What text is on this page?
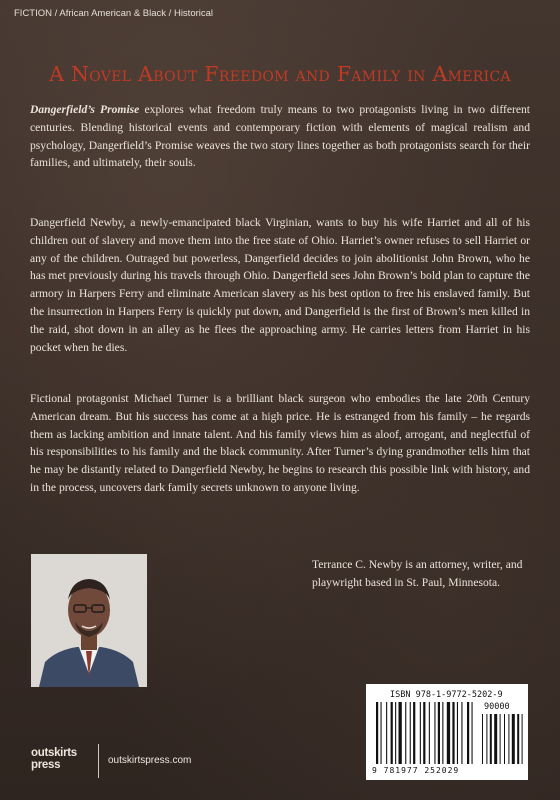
FICTION / African American & Black / Historical
A Novel About Freedom and Family in America
Dangerfield’s Promise explores what freedom truly means to two protagonists living in two different centuries. Blending historical events and contemporary fiction with elements of magical realism and psychology, Dangerfield’s Promise weaves the two story lines together as both protagonists search for their families, and ultimately, their souls.
Dangerfield Newby, a newly-emancipated black Virginian, wants to buy his wife Harriet and all of his children out of slavery and move them into the free state of Ohio. Harriet’s owner refuses to sell Harriet or any of the children. Outraged but powerless, Dangerfield decides to join abolitionist John Brown, who he has met previously during his travels through Ohio. Dangerfield sees John Brown’s bold plan to capture the armory in Harpers Ferry and eliminate American slavery as his best option to free his enslaved family. But the insurrection in Harpers Ferry is quickly put down, and Dangerfield is the first of Brown’s men killed in the raid, shot down in an alley as he flees the approaching army. He carries letters from Harriet in his pocket when he dies.
Fictional protagonist Michael Turner is a brilliant black surgeon who embodies the late 20th Century American dream. But his success has come at a high price. He is estranged from his family – he regards them as lacking ambition and innate talent. And his family views him as aloof, arrogant, and neglectful of his responsibilities to his family and the black community. After Turner’s dying grandmother tells him that he may be distantly related to Dangerfield Newby, he begins to research this possible link with history, and in the process, uncovers dark family secrets unknown to anyone living.
Terrance C. Newby is an attorney, writer, and playwright based in St. Paul, Minnesota.
ISBN 978-1-9772-5202-9
90000
9 781977 252029
outskirts
press	outskirtspress.com
